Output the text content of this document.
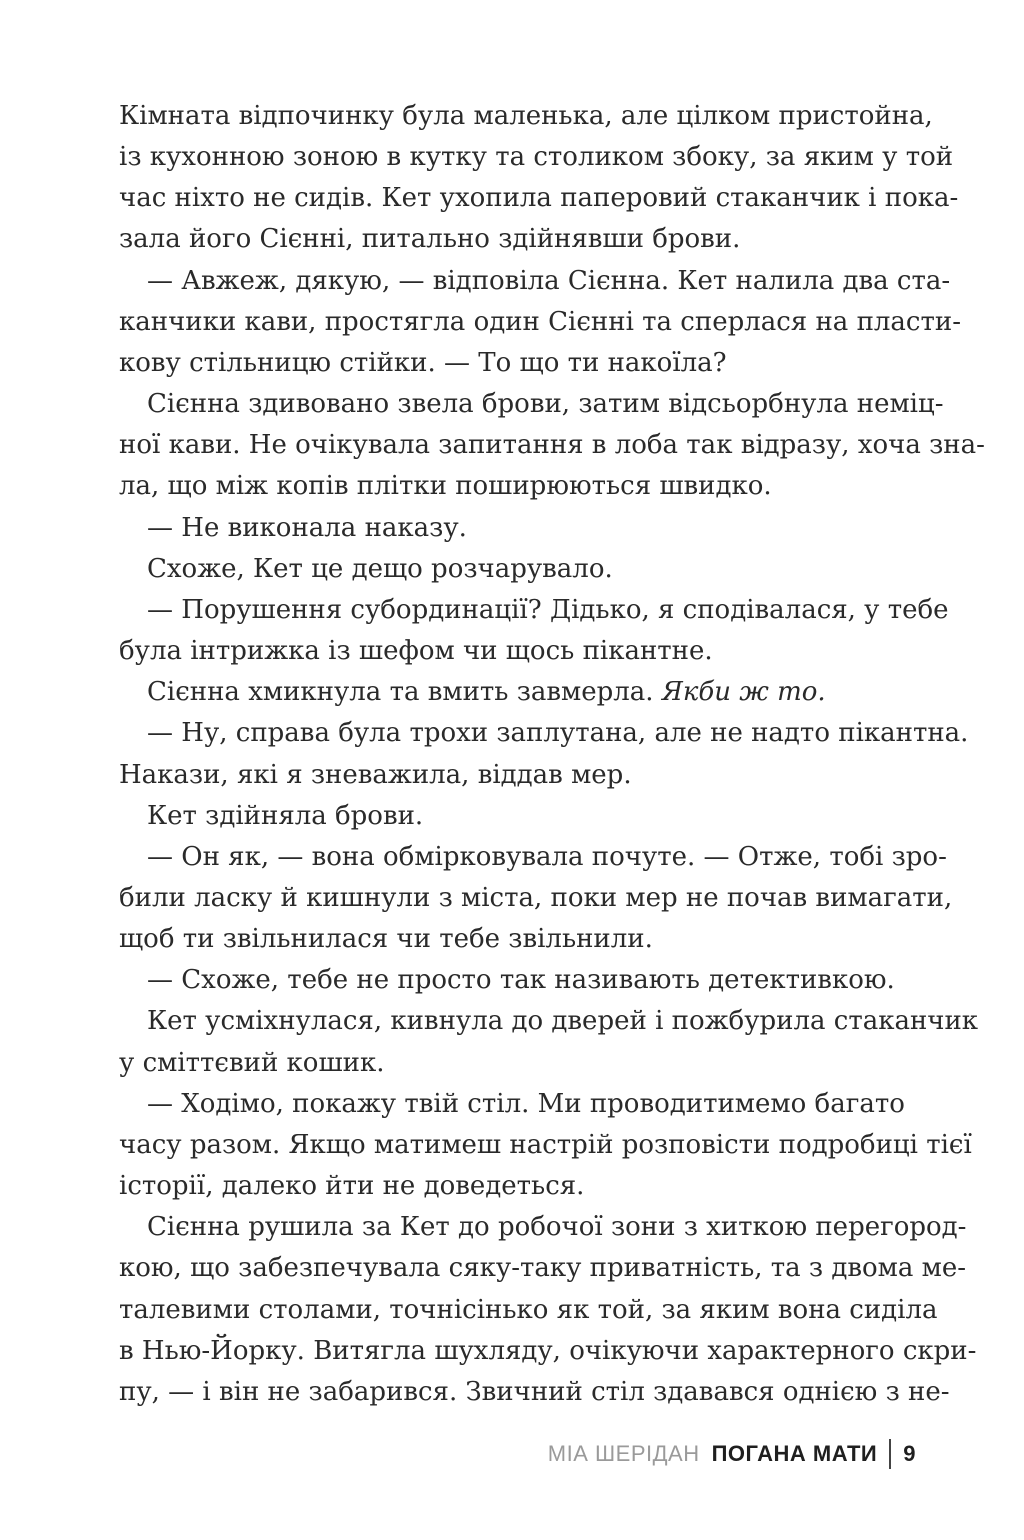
Кімната відпочинку була маленька, але цілком пристойна,
із кухонною зоною в кутку та столиком збоку, за яким у той
час ніхто не сидів. Кет ухопила паперовий стаканчик і пока-
зала його Сієнні, питально здійнявши брови.
— Авжеж, дякую, — відповіла Сієнна. Кет налила два ста-
канчики кави, простягла один Сієнні та сперлася на пласти-
кову стільницю стійки. — То що ти накоїла?
Сієнна здивовано звела брови, затим відсьорбнула неміц-
ної кави. Не очікувала запитання в лоба так відразу, хоча зна-
ла, що між копів плітки поширюються швидко.
— Не виконала наказу.
Схоже, Кет це дещо розчарувало.
— Порушення субординації? Дідько, я сподівалася, у тебе
була інтрижка із шефом чи щось пікантне.
Сієнна хмикнула та вмить завмерла. Якби ж то.
— Ну, справа була трохи заплутана, але не надто пікантна.
Накази, які я зневажила, віддав мер.
Кет здійняла брови.
— Он як, — вона обмірковувала почуте. — Отже, тобі зро-
били ласку й кишнули з міста, поки мер не почав вимагати,
щоб ти звільнилася чи тебе звільнили.
— Схоже, тебе не просто так називають детективкою.
Кет усміхнулася, кивнула до дверей і пожбурила стаканчик
у сміттєвий кошик.
— Ходімо, покажу твій стіл. Ми проводитимемо багато
часу разом. Якщо матимеш настрій розповісти подробиці тієї
історії, далеко йти не доведеться.
Сієнна рушила за Кет до робочої зони з хиткою перегород-
кою, що забезпечувала сяку-таку приватність, та з двома ме-
талевими столами, точнісінько як той, за яким вона сиділа
в Нью-Йорку. Витягла шухляду, очікуючи характерного скри-
пу, — і він не забарився. Звичний стіл здавався однією з не-
МІА ШЕРІДАН ПОГАНА МАТИ 9
